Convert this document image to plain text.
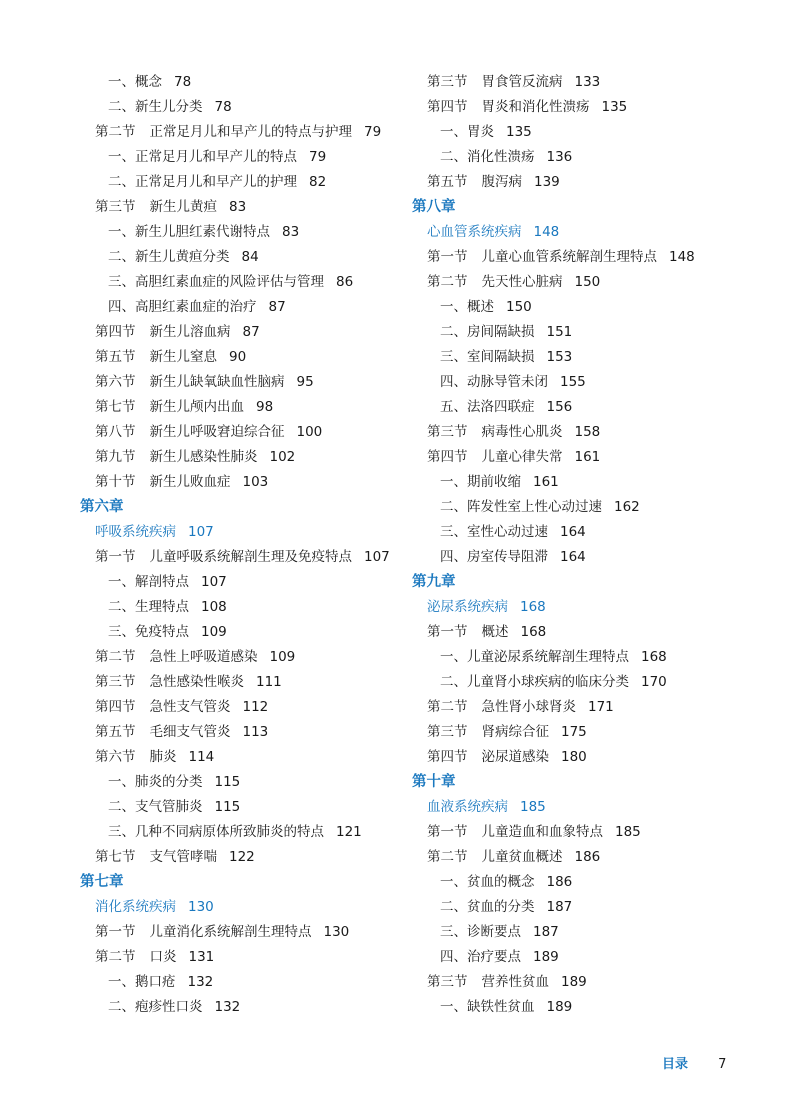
一、概念 78
二、新生儿分类 78
第二节 正常足月儿和早产儿的特点与护理 79
一、正常足月儿和早产儿的特点 79
二、正常足月儿和早产儿的护理 82
第三节 新生儿黄疸 83
一、新生儿胆红素代谢特点 83
二、新生儿黄疸分类 84
三、高胆红素血症的风险评估与管理 86
四、高胆红素血症的治疗 87
第四节 新生儿溶血病 87
第五节 新生儿窒息 90
第六节 新生儿缺氧缺血性脑病 95
第七节 新生儿颅内出血 98
第八节 新生儿呼吸窘迫综合征 100
第九节 新生儿感染性肺炎 102
第十节 新生儿败血症 103
第六章
呼吸系统疾病 107
第一节 儿童呼吸系统解剖生理及免疫特点 107
一、解剖特点 107
二、生理特点 108
三、免疫特点 109
第二节 急性上呼吸道感染 109
第三节 急性感染性喉炎 111
第四节 急性支气管炎 112
第五节 毛细支气管炎 113
第六节 肺炎 114
一、肺炎的分类 115
二、支气管肺炎 115
三、几种不同病原体所致肺炎的特点 121
第七节 支气管哮喘 122
第七章
消化系统疾病 130
第一节 儿童消化系统解剖生理特点 130
第二节 口炎 131
一、鹅口疮 132
二、疱疹性口炎 132
第三节 胃食管反流病 133
第四节 胃炎和消化性溃疡 135
一、胃炎 135
二、消化性溃疡 136
第五节 腹泻病 139
第八章
心血管系统疾病 148
第一节 儿童心血管系统解剖生理特点 148
第二节 先天性心脏病 150
一、概述 150
二、房间隔缺损 151
三、室间隔缺损 153
四、动脉导管未闭 155
五、法洛四联症 156
第三节 病毒性心肌炎 158
第四节 儿童心律失常 161
一、期前收缩 161
二、阵发性室上性心动过速 162
三、室性心动过速 164
四、房室传导阻滞 164
第九章
泌尿系统疾病 168
第一节 概述 168
一、儿童泌尿系统解剖生理特点 168
二、儿童肾小球疾病的临床分类 170
第二节 急性肾小球肾炎 171
第三节 肾病综合征 175
第四节 泌尿道感染 180
第十章
血液系统疾病 185
第一节 儿童造血和血象特点 185
第二节 儿童贫血概述 186
一、贫血的概念 186
二、贫血的分类 187
三、诊断要点 187
四、治疗要点 189
第三节 营养性贫血 189
一、缺铁性贫血 189
目录 7
